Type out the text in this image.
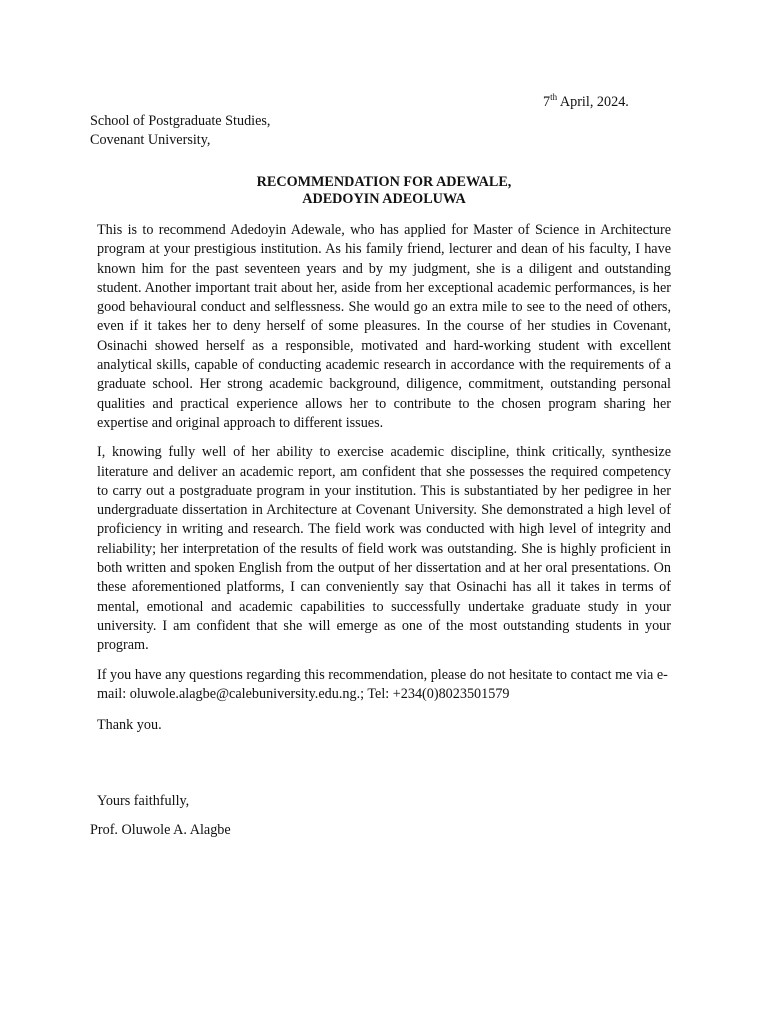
7th April, 2024.
School of Postgraduate Studies,
Covenant University,
RECOMMENDATION FOR ADEWALE,
ADEDOYIN ADEOLUWA

This is to recommend Adedoyin Adewale, who has applied for Master of Science in Architecture program at your prestigious institution. As his family friend, lecturer and dean of his faculty, I have known him for the past seventeen years and by my judgment, she is a diligent and outstanding student. Another important trait about her, aside from her exceptional academic performances, is her good behavioural conduct and selflessness. She would go an extra mile to see to the need of others, even if it takes her to deny herself of some pleasures. In the course of her studies in Covenant, Osinachi showed herself as a responsible, motivated and hard-working student with excellent analytical skills, capable of conducting academic research in accordance with the requirements of a graduate school. Her strong academic background, diligence, commitment, outstanding personal qualities and practical experience allows her to contribute to the chosen program sharing her expertise and original approach to different issues.

I, knowing fully well of her ability to exercise academic discipline, think critically, synthesize literature and deliver an academic report, am confident that she possesses the required competency to carry out a postgraduate program in your institution. This is substantiated by her pedigree in her undergraduate dissertation in Architecture at Covenant University. She demonstrated a high level of proficiency in writing and research. The field work was conducted with high level of integrity and reliability; her interpretation of the results of field work was outstanding. She is highly proficient in both written and spoken English from the output of her dissertation and at her oral presentations. On these aforementioned platforms, I can conveniently say that Osinachi has all it takes in terms of mental, emotional and academic capabilities to successfully undertake graduate study in your university. I am confident that she will emerge as one of the most outstanding students in your program.

If you have any questions regarding this recommendation, please do not hesitate to contact me via e-mail: oluwole.alagbe@calebuniversity.edu.ng.; Tel: +234(0)8023501579

Thank you.

Yours faithfully,
Prof. Oluwole A. Alagbe
